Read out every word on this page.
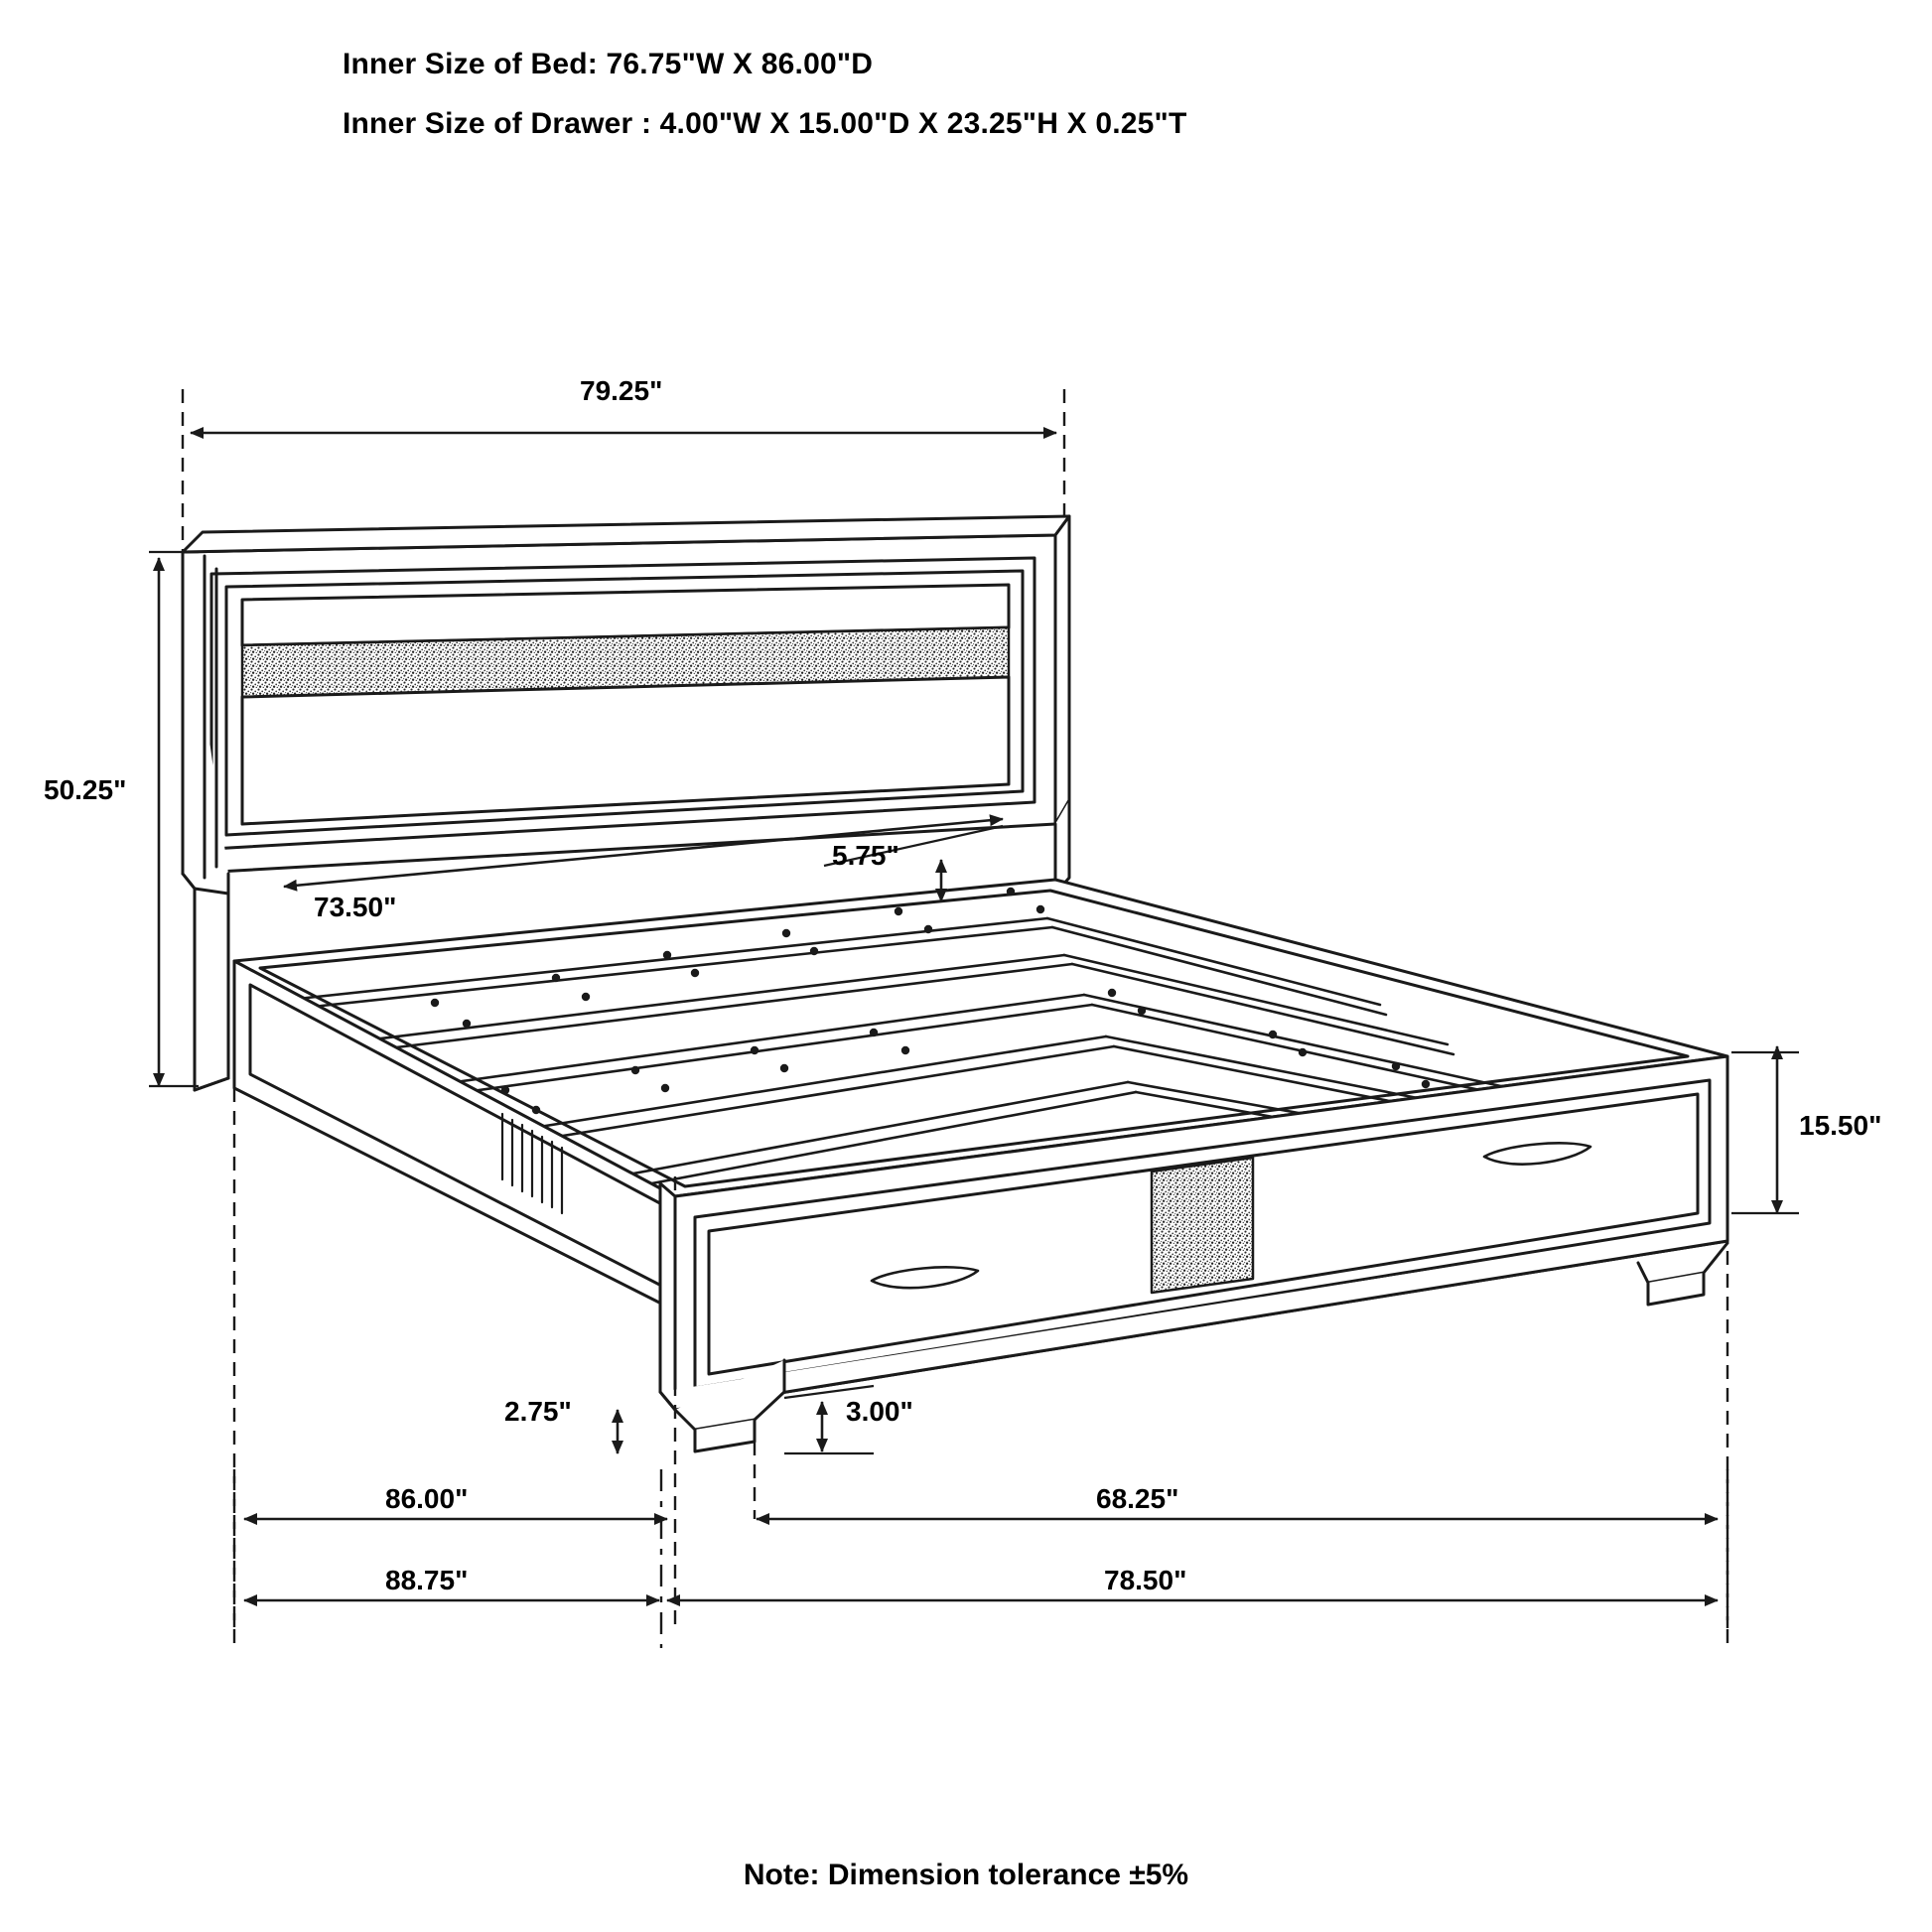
Inner Size of Bed: 76.75"W X 86.00"D
Inner Size of Drawer : 4.00"W X 15.00"D X 23.25"H X 0.25"T
79.25"
50.25"
73.50"
5.75"
15.50"
2.75"	3.00"
86.00"	68.25"
88.75"	78.50"
Note: Dimension tolerance ±5%
